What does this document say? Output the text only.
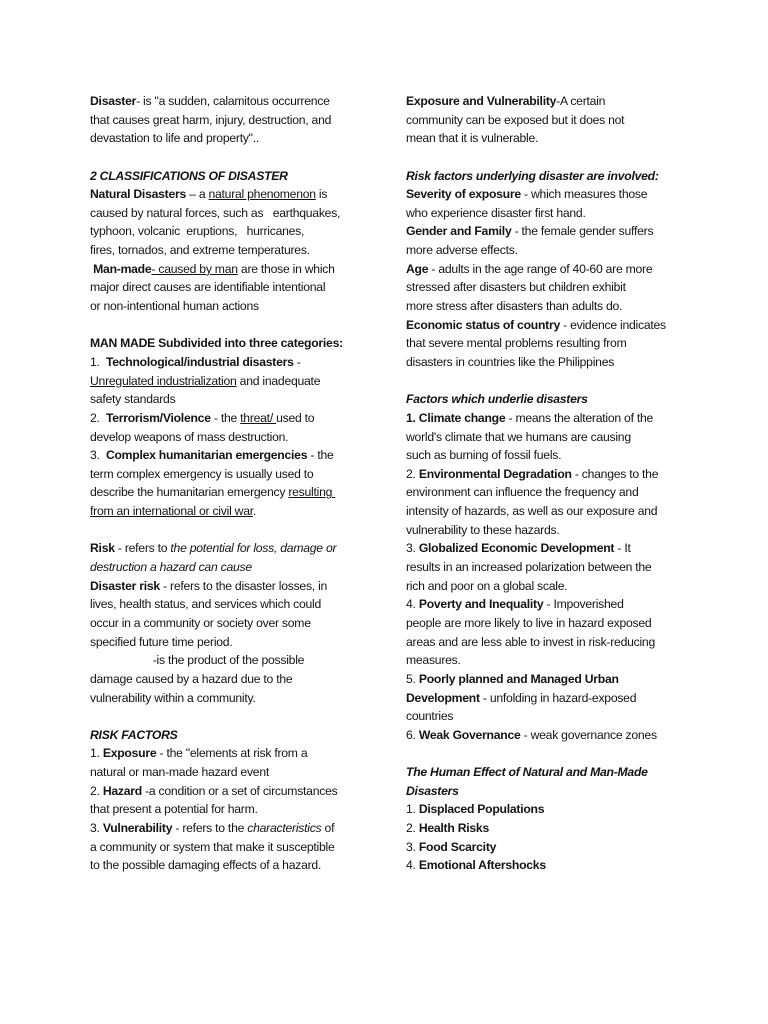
Disaster- is "a sudden, calamitous occurrence
that causes great harm, injury, destruction, and
devastation to life and property"..
2 CLASSIFICATIONS OF DISASTER
Natural Disasters – a natural phenomenon is
caused by natural forces, such as   earthquakes,
typhoon, volcanic  eruptions,   hurricanes,
fires, tornados, and extreme temperatures.
Man-made- caused by man are those in which
major direct causes are identifiable intentional
or non-intentional human actions
MAN MADE Subdivided into three categories:
1.  Technological/industrial disasters -
Unregulated industrialization and inadequate
safety standards
2.  Terrorism/Violence - the threat/ used to
develop weapons of mass destruction.
3.  Complex humanitarian emergencies - the
term complex emergency is usually used to
describe the humanitarian emergency resulting
from an international or civil war.
Risk - refers to the potential for loss, damage or
destruction a hazard can cause
Disaster risk - refers to the disaster losses, in
lives, health status, and services which could
occur in a community or society over some
specified future time period.
-is the product of the possible
damage caused by a hazard due to the
vulnerability within a community.
RISK FACTORS
1. Exposure - the "elements at risk from a
natural or man-made hazard event
2. Hazard -a condition or a set of circumstances
that present a potential for harm.
3. Vulnerability - refers to the characteristics of
a community or system that make it susceptible
to the possible damaging effects of a hazard.
Exposure and Vulnerability-A certain
community can be exposed but it does not
mean that it is vulnerable.
Risk factors underlying disaster are involved:
Severity of exposure - which measures those
who experience disaster first hand.
Gender and Family - the female gender suffers
more adverse effects.
Age - adults in the age range of 40-60 are more
stressed after disasters but children exhibit
more stress after disasters than adults do.
Economic status of country - evidence indicates
that severe mental problems resulting from
disasters in countries like the Philippines
Factors which underlie disasters
1. Climate change - means the alteration of the
world's climate that we humans are causing
such as burning of fossil fuels.
2. Environmental Degradation - changes to the
environment can influence the frequency and
intensity of hazards, as well as our exposure and
vulnerability to these hazards.
3. Globalized Economic Development - It
results in an increased polarization between the
rich and poor on a global scale.
4. Poverty and Inequality - Impoverished
people are more likely to live in hazard exposed
areas and are less able to invest in risk-reducing
measures.
5. Poorly planned and Managed Urban
Development - unfolding in hazard-exposed
countries
6. Weak Governance - weak governance zones
The Human Effect of Natural and Man-Made
Disasters
1. Displaced Populations
2. Health Risks
3. Food Scarcity
4. Emotional Aftershocks
